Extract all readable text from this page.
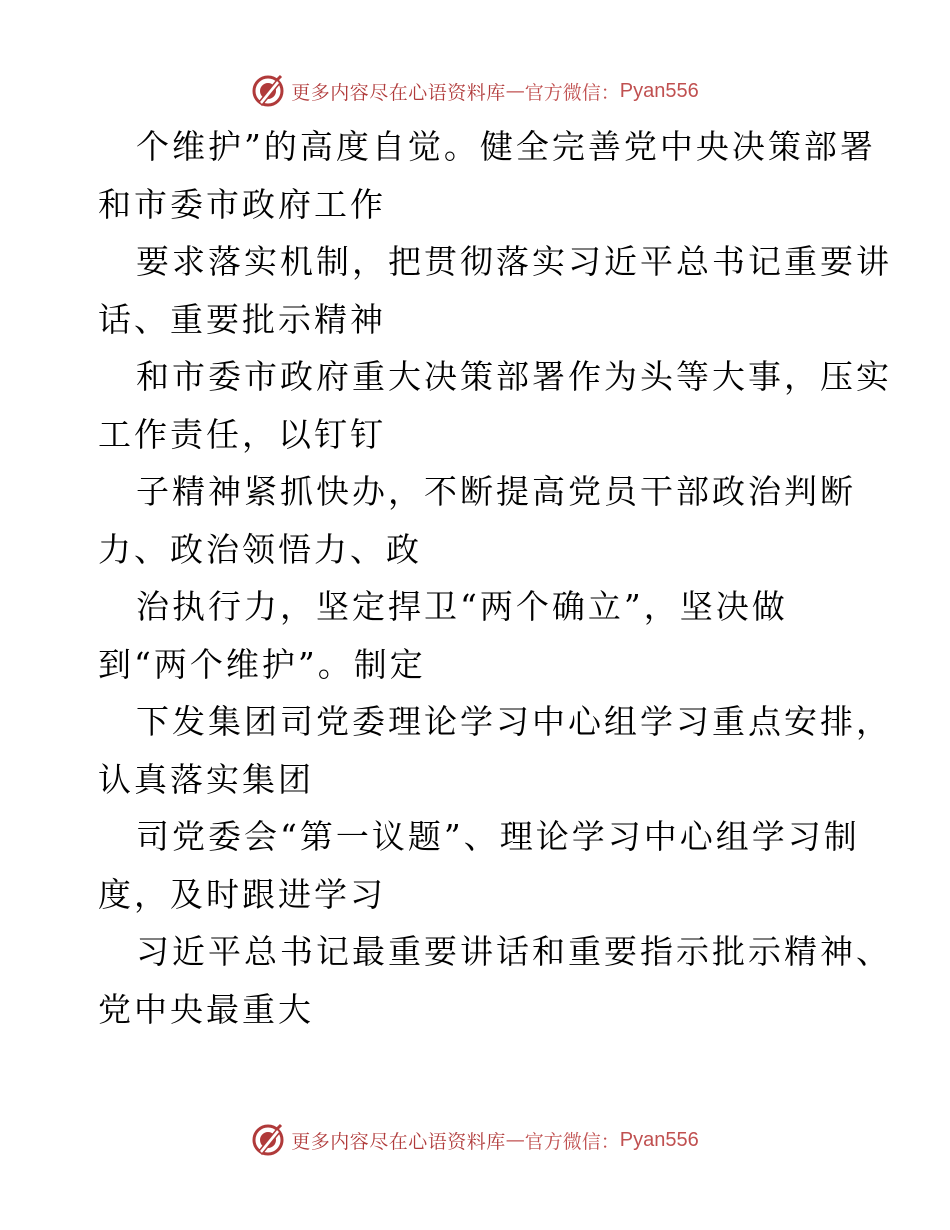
更多内容尽在心语资料库 — 官方微信： Pyan556
个维护”的高度自觉。健全完善党中央决策部署
和市委市政府工作
要求落实机制，把贯彻落实习近平总书记重要讲
话、重要批示精神
和市委市政府重大决策部署作为头等大事，压实
工作责任，以钉钉
子精神紧抓快办，不断提高党员干部政治判断
力、政治领悟力、政
治执行力，坚定捍卫“两个确立”，坚决做
到“两个维护”。制定
下发集团司党委理论学习中心组学习重点安排，
认真落实集团
司党委会“第一议题”、理论学习中心组学习制
度，及时跟进学习
习近平总书记最重要讲话和重要指示批示精神、
党中央最重大
更多内容尽在心语资料库 — 官方微信： Pyan556
